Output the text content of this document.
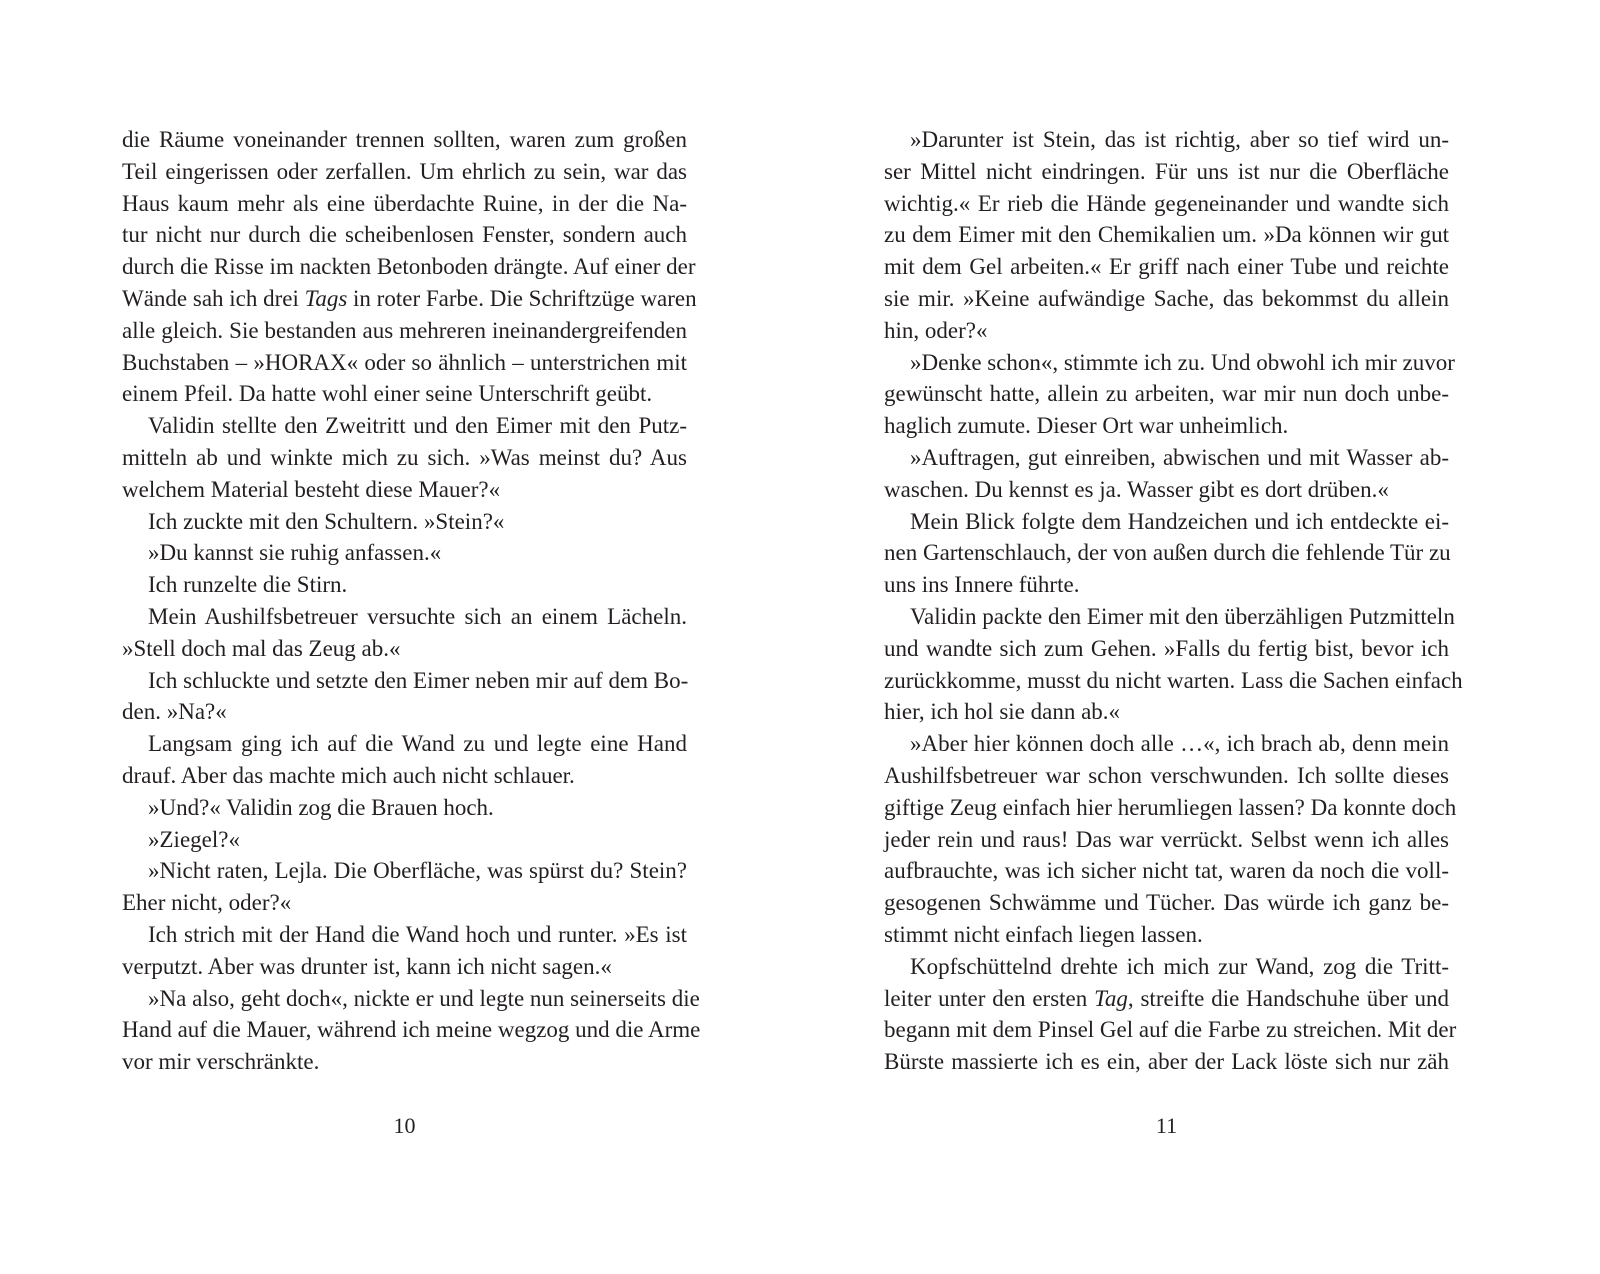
die Räume voneinander trennen sollten, waren zum großen
Teil eingerissen oder zerfallen. Um ehrlich zu sein, war das
Haus kaum mehr als eine überdachte Ruine, in der die Na-
tur nicht nur durch die scheibenlosen Fenster, sondern auch
durch die Risse im nackten Betonboden drängte. Auf einer der
Wände sah ich drei Tags in roter Farbe. Die Schriftzüge waren
alle gleich. Sie bestanden aus mehreren ineinandergreifenden
Buchstaben – »HORAX« oder so ähnlich – unterstrichen mit
einem Pfeil. Da hatte wohl einer seine Unterschrift geübt.
Validin stellte den Zweitritt und den Eimer mit den Putz-
mitteln ab und winkte mich zu sich. »Was meinst du? Aus
welchem Material besteht diese Mauer?«
Ich zuckte mit den Schultern. »Stein?«
»Du kannst sie ruhig anfassen.«
Ich runzelte die Stirn.
Mein Aushilfsbetreuer versuchte sich an einem Lächeln.
»Stell doch mal das Zeug ab.«
Ich schluckte und setzte den Eimer neben mir auf dem Bo-
den. »Na?«
Langsam ging ich auf die Wand zu und legte eine Hand
drauf. Aber das machte mich auch nicht schlauer.
»Und?« Validin zog die Brauen hoch.
»Ziegel?«
»Nicht raten, Lejla. Die Oberfläche, was spürst du? Stein?
Eher nicht, oder?«
Ich strich mit der Hand die Wand hoch und runter. »Es ist
verputzt. Aber was drunter ist, kann ich nicht sagen.«
»Na also, geht doch«, nickte er und legte nun seinerseits die
Hand auf die Mauer, während ich meine wegzog und die Arme
vor mir verschränkte.
»Darunter ist Stein, das ist richtig, aber so tief wird un-
ser Mittel nicht eindringen. Für uns ist nur die Oberfläche
wichtig.« Er rieb die Hände gegeneinander und wandte sich
zu dem Eimer mit den Chemikalien um. »Da können wir gut
mit dem Gel arbeiten.« Er griff nach einer Tube und reichte
sie mir. »Keine aufwändige Sache, das bekommst du allein
hin, oder?«
»Denke schon«, stimmte ich zu. Und obwohl ich mir zuvor
gewünscht hatte, allein zu arbeiten, war mir nun doch unbe-
haglich zumute. Dieser Ort war unheimlich.
»Auftragen, gut einreiben, abwischen und mit Wasser ab-
waschen. Du kennst es ja. Wasser gibt es dort drüben.«
Mein Blick folgte dem Handzeichen und ich entdeckte ei-
nen Gartenschlauch, der von außen durch die fehlende Tür zu
uns ins Innere führte.
Validin packte den Eimer mit den überzähligen Putzmitteln
und wandte sich zum Gehen. »Falls du fertig bist, bevor ich
zurückkomme, musst du nicht warten. Lass die Sachen einfach
hier, ich hol sie dann ab.«
»Aber hier können doch alle …«, ich brach ab, denn mein
Aushilfsbetreuer war schon verschwunden. Ich sollte dieses
giftige Zeug einfach hier herumliegen lassen? Da konnte doch
jeder rein und raus! Das war verrückt. Selbst wenn ich alles
aufbrauchte, was ich sicher nicht tat, waren da noch die voll-
gesogenen Schwämme und Tücher. Das würde ich ganz be-
stimmt nicht einfach liegen lassen.
Kopfschüttelnd drehte ich mich zur Wand, zog die Tritt-
leiter unter den ersten Tag, streifte die Handschuhe über und
begann mit dem Pinsel Gel auf die Farbe zu streichen. Mit der
Bürste massierte ich es ein, aber der Lack löste sich nur zäh
10	11
